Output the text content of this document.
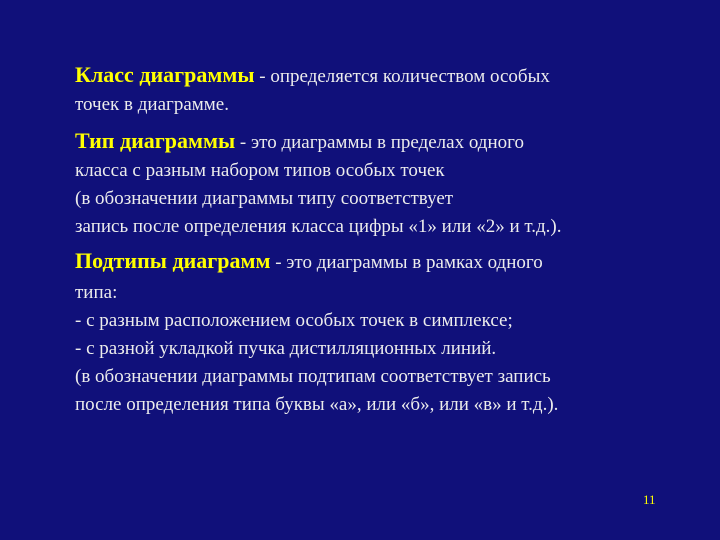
Класс диаграммы - определяется количеством особых
точек в диаграмме.
Тип диаграммы - это диаграммы в пределах одного
класса с разным набором типов особых точек
(в обозначении диаграммы типу соответствует
запись после определения класса цифры «1» или «2» и т.д.).
Подтипы диаграмм - это диаграммы в рамках одного
типа:
- с разным расположением особых точек в симплексе;
- с разной укладкой пучка дистилляционных линий.
(в обозначении диаграммы подтипам соответствует запись
после определения типа буквы «а», или «б», или «в» и т.д.).
11
